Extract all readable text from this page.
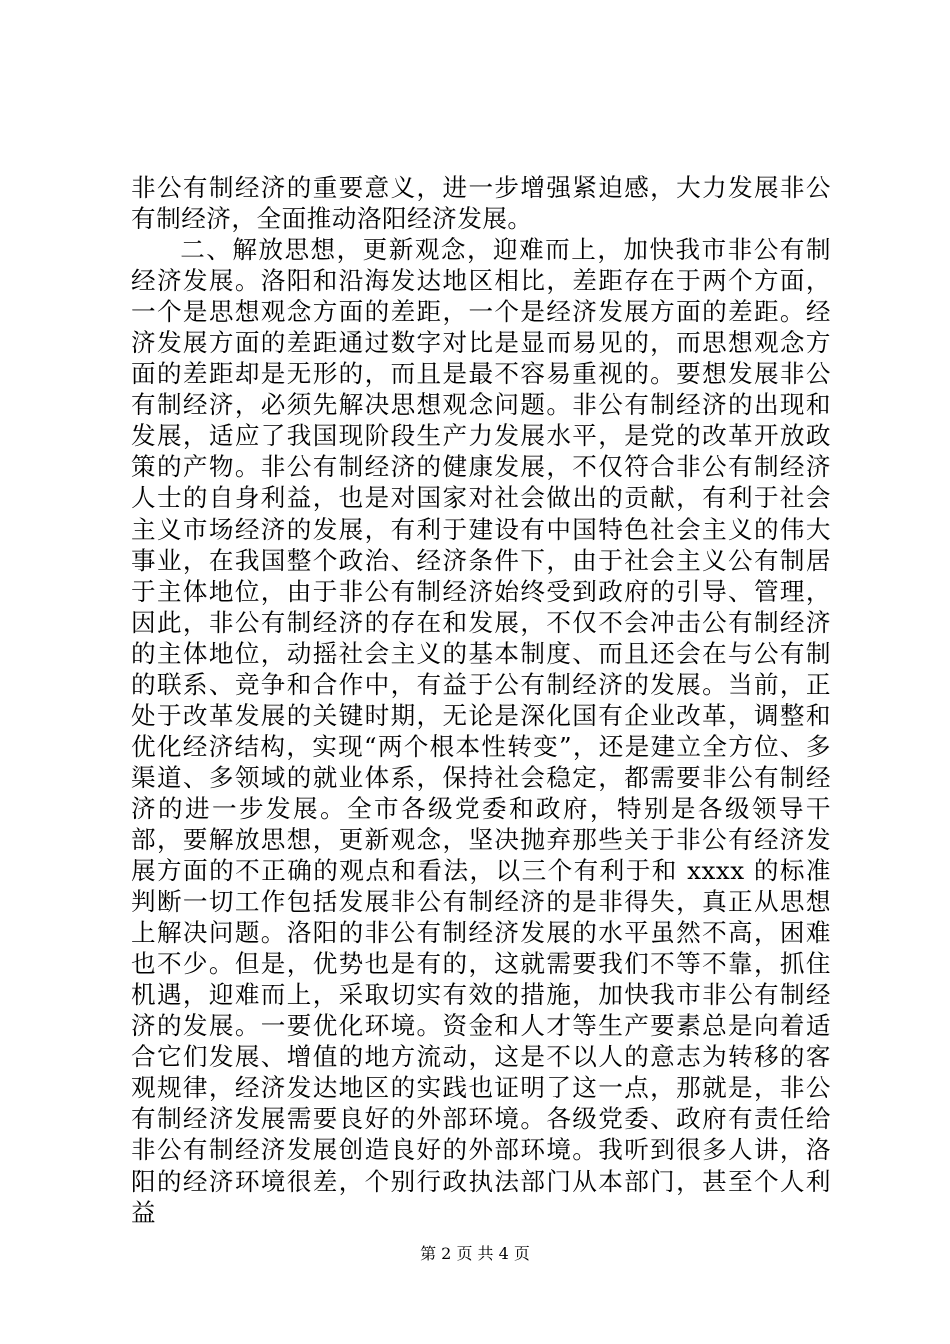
非公有制经济的重要意义，进一步增强紧迫感，大力发展非公有制经济，全面推动洛阳经济发展。

二、解放思想，更新观念，迎难而上，加快我市非公有制经济发展。洛阳和沿海发达地区相比，差距存在于两个方面，一个是思想观念方面的差距，一个是经济发展方面的差距。经济发展方面的差距通过数字对比是显而易见的，而思想观念方面的差距却是无形的，而且是最不容易重视的。要想发展非公有制经济，必须先解决思想观念问题。非公有制经济的出现和发展，适应了我国现阶段生产力发展水平，是党的改革开放政策的产物。非公有制经济的健康发展，不仅符合非公有制经济人士的自身利益，也是对国家对社会做出的贡献，有利于社会主义市场经济的发展，有利于建设有中国特色社会主义的伟大事业，在我国整个政治、经济条件下，由于社会主义公有制居于主体地位，由于非公有制经济始终受到政府的引导、管理，因此，非公有制经济的存在和发展，不仅不会冲击公有制经济的主体地位，动摇社会主义的基本制度、而且还会在与公有制的联系、竞争和合作中，有益于公有制经济的发展。当前，正处于改革发展的关键时期，无论是深化国有企业改革，调整和优化经济结构，实现“两个根本性转变”，还是建立全方位、多渠道、多领域的就业体系，保持社会稳定，都需要非公有制经济的进一步发展。全市各级党委和政府，特别是各级领导干部，要解放思想，更新观念，坚决抛弃那些关于非公有经济发展方面的不正确的观点和看法，以三个有利于和 xxxx 的标准判断一切工作包括发展非公有制经济的是非得失，真正从思想上解决问题。洛阳的非公有制经济发展的水平虽然不高，困难也不少。但是，优势也是有的，这就需要我们不等不靠，抓住机遇，迎难而上，采取切实有效的措施，加快我市非公有制经济的发展。一要优化环境。资金和人才等生产要素总是向着适合它们发展、增值的地方流动，这是不以人的意志为转移的客观规律，经济发达地区的实践也证明了这一点，那就是，非公有制经济发展需要良好的外部环境。各级党委、政府有责任给非公有制经济发展创造良好的外部环境。我听到很多人讲，洛阳的经济环境很差，个别行政执法部门从本部门，甚至个人利益

第 2 页 共 4 页
